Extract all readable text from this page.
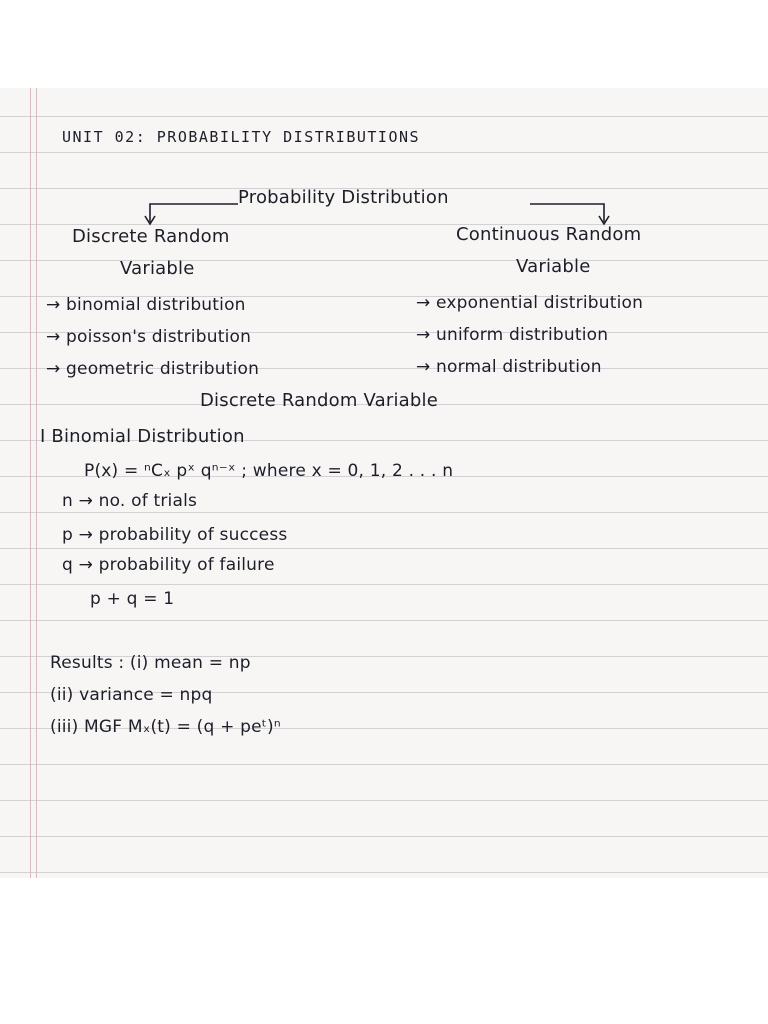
UNIT 02: PROBABILITY DISTRIBUTIONS
Probability Distribution
Discrete Random
Variable
Continuous Random
Variable
→ binomial distribution
→ poisson's distribution
→ geometric distribution
→ exponential distribution
→ uniform distribution
→ normal distribution
Discrete Random Variable
I Binomial Distribution
P(x) = ⁿCₓ pˣ qⁿ⁻ˣ ; where x = 0, 1, 2 . . . n
n → no. of trials
p → probability of success
q → probability of failure
p + q = 1
Results : (i) mean = np
(ii) variance = npq
(iii) MGF Mₓ(t) = (q + peᵗ)ⁿ
